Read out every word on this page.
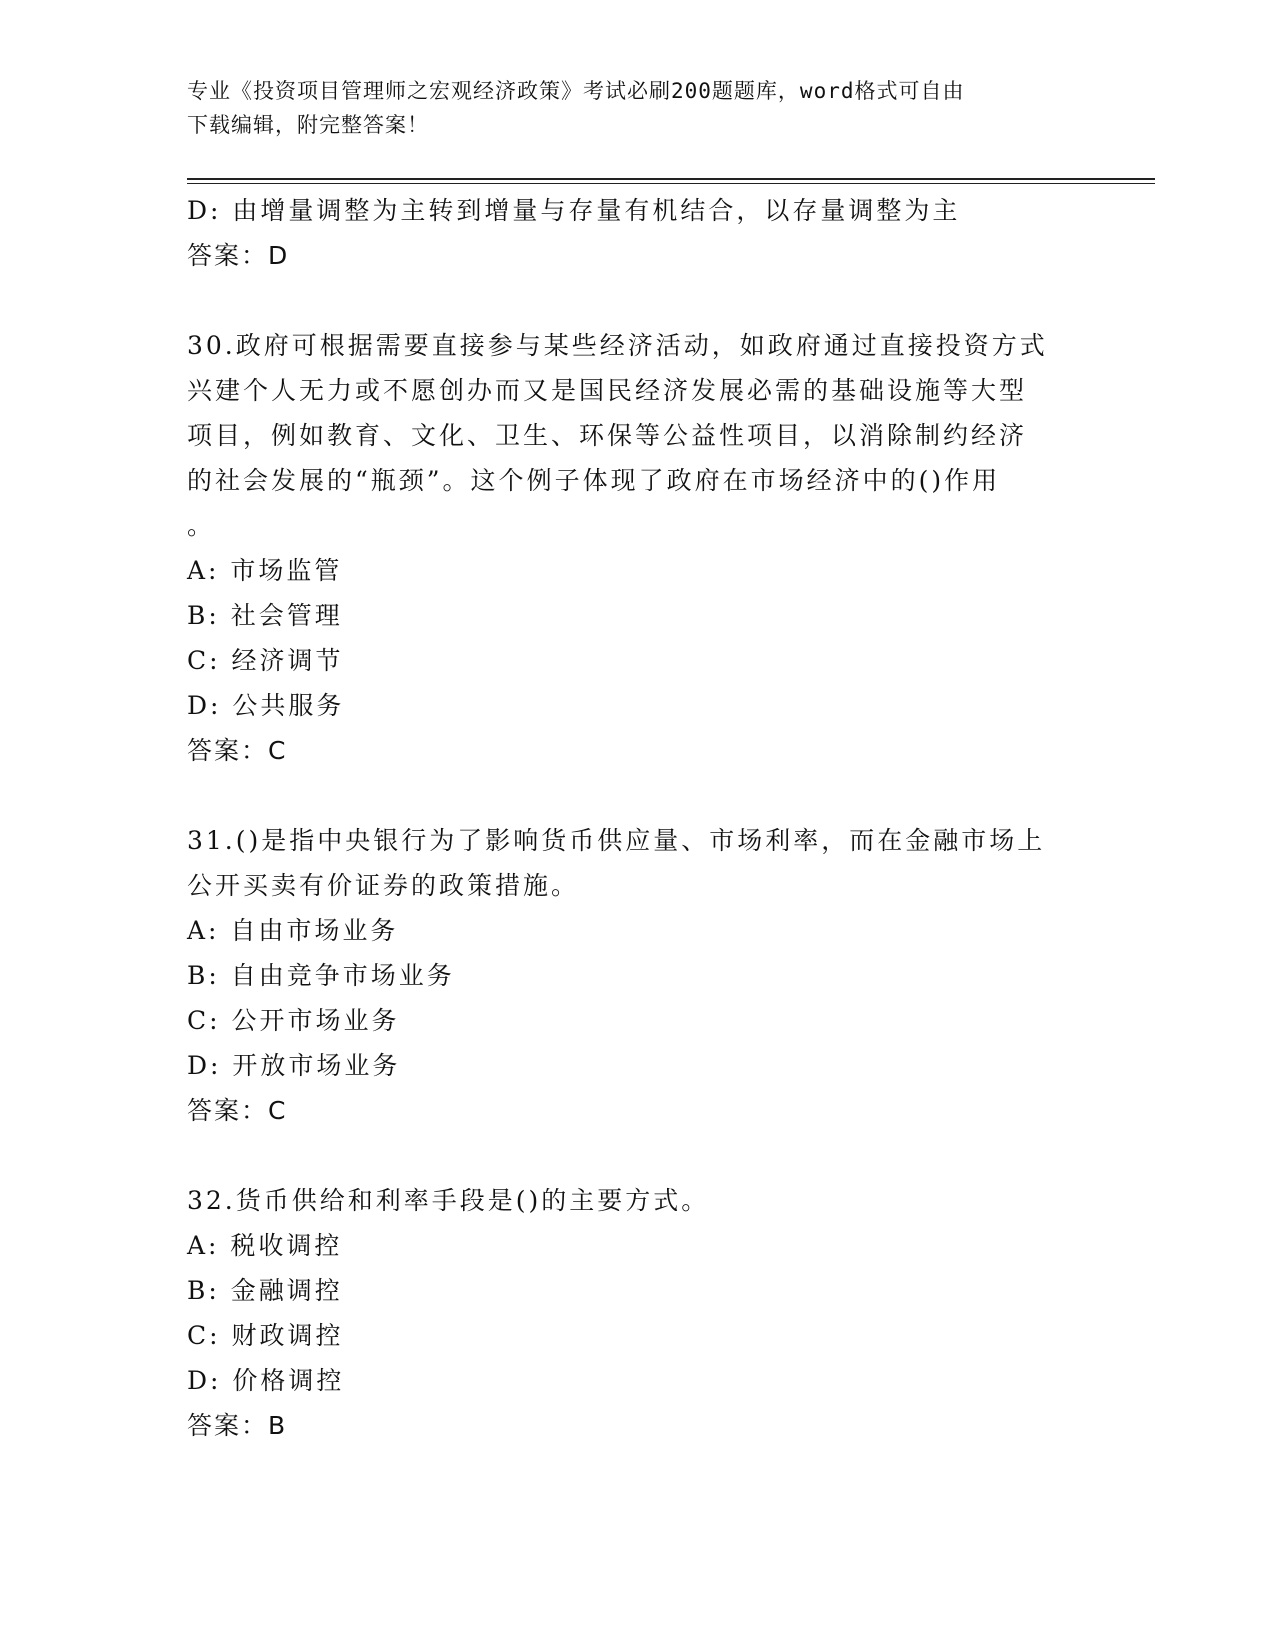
专业《投资项目管理师之宏观经济政策》考试必刷200题题库，word格式可自由
下载编辑，附完整答案！
D: 由增量调整为主转到增量与存量有机结合，以存量调整为主
答案：D
30.政府可根据需要直接参与某些经济活动，如政府通过直接投资方式
兴建个人无力或不愿创办而又是国民经济发展必需的基础设施等大型
项目，例如教育、文化、卫生、环保等公益性项目，以消除制约经济
的社会发展的“瓶颈”。这个例子体现了政府在市场经济中的()作用
。
A: 市场监管
B: 社会管理
C: 经济调节
D: 公共服务
答案：C
31.()是指中央银行为了影响货币供应量、市场利率，而在金融市场上
公开买卖有价证券的政策措施。
A: 自由市场业务
B: 自由竞争市场业务
C: 公开市场业务
D: 开放市场业务
答案：C
32.货币供给和利率手段是()的主要方式。
A: 税收调控
B: 金融调控
C: 财政调控
D: 价格调控
答案：B
